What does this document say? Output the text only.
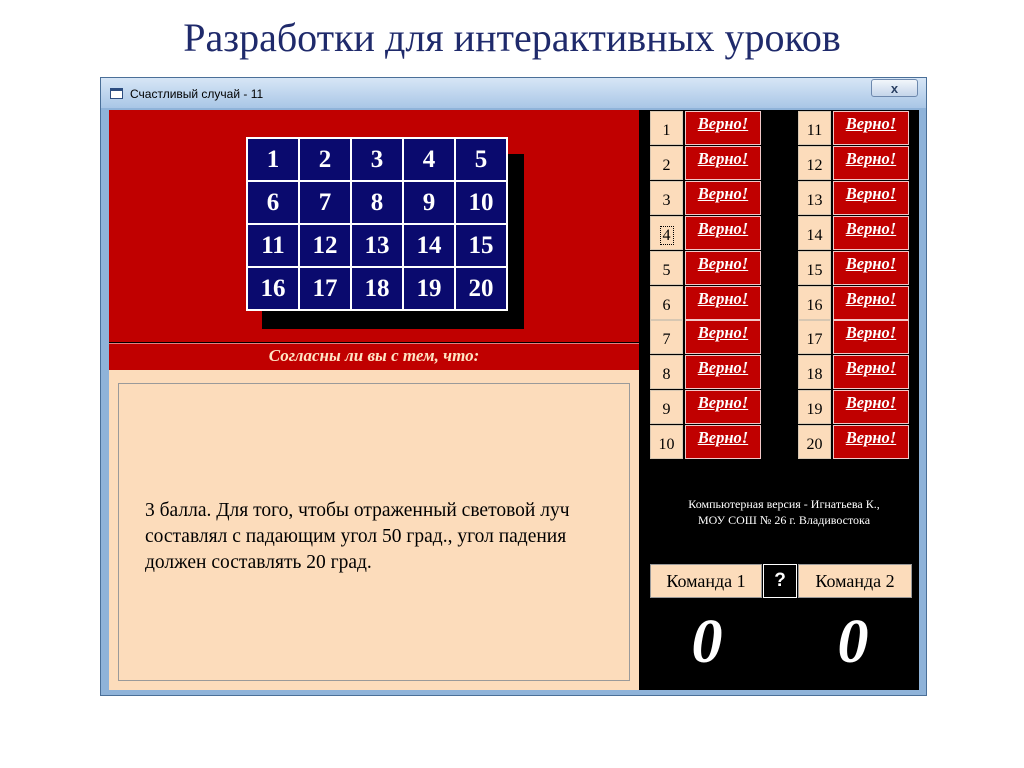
Разработки для интерактивных уроков
Счастливый случай - 11	x
1	2	3	4	5
6	7	8	9	10
11	12	13	14	15
16	17	18	19	20
Согласны ли вы с тем, что:
3 балла. Для того, чтобы отраженный световой луч составлял с падающим угол 50 град., угол падения должен составлять 20 град.
1	Верно!
2	Верно!
3	Верно!
4	Верно!
5	Верно!
6	Верно!
7	Верно!
8	Верно!
9	Верно!
10	Верно!
11	Верно!
12	Верно!
13	Верно!
14	Верно!
15	Верно!
16	Верно!
17	Верно!
18	Верно!
19	Верно!
20	Верно!
Компьютерная версия - Игнатьева К.,
МОУ СОШ № 26 г. Владивостока
Команда 1	?	Команда 2
0	0
